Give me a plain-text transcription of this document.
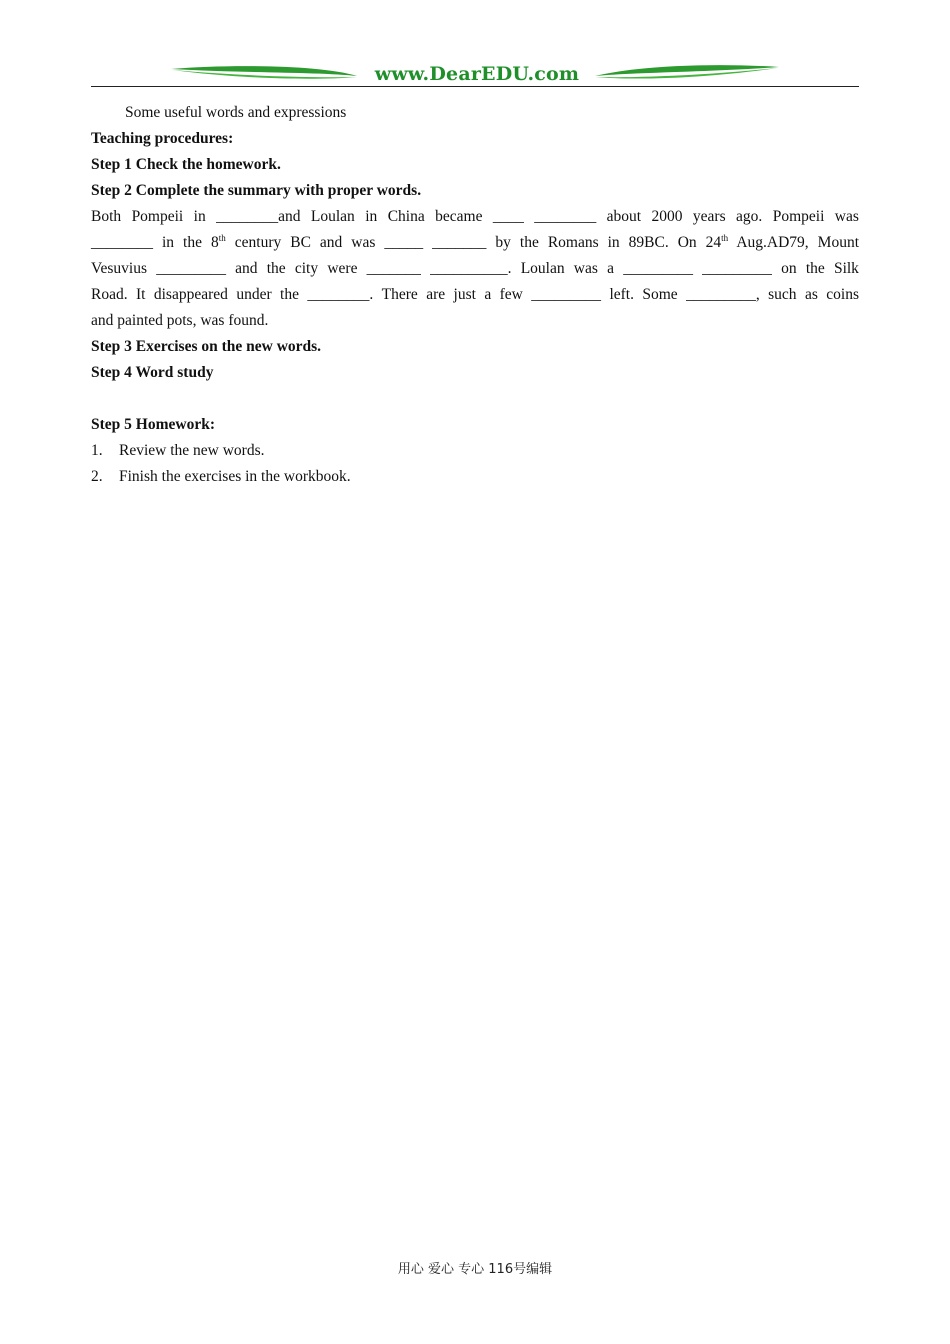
www.DearEDU.com
Some useful words and expressions
Teaching procedures:
Step 1 Check the homework.
Step 2 Complete the summary with proper words.
Both Pompeii in ________and Loulan in China became ____ ________ about 2000 years ago. Pompeii was

________ in the 8th century BC and was _____ _______ by the Romans in 89BC. On 24th Aug.AD79, Mount

Vesuvius _________ and the city were _______ __________. Loulan was a _________ _________ on the Silk
Road. It disappeared under the ________. There are just a few _________ left. Some _________, such as coins

and painted pots, was found.

Step 3 Exercises on the new words.
Step 4 Word study
Step 5 Homework:
1. Review the new words.
2. Finish the exercises in the workbook.
用心 爱心 专心 116号编辑
